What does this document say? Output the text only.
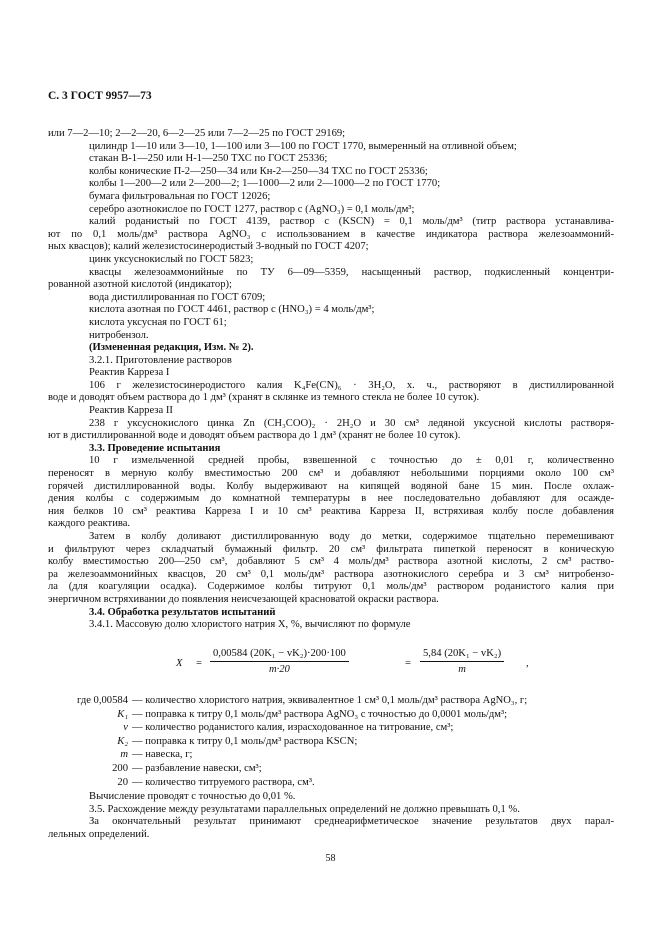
С. 3 ГОСТ 9957—73
или 7—2—10; 2—2—20, 6—2—25 или 7—2—25 по ГОСТ 29169;
цилиндр 1—10 или 3—10, 1—100 или 3—100 по ГОСТ 1770, вымеренный на отливной объем;
стакан В-1—250 или Н-1—250 ТХС по ГОСТ 25336;
колбы конические П-2—250—34 или Кн-2—250—34 ТХС по ГОСТ 25336;
колбы 1—200—2 или 2—200—2; 1—1000—2 или 2—1000—2 по ГОСТ 1770;
бумага фильтровальная по ГОСТ 12026;
серебро азотнокислое по ГОСТ 1277, раствор c (AgNO₃) = 0,1 моль/дм³;
калий роданистый по ГОСТ 4139, раствор c (KSCN) = 0,1 моль/дм³ (титр раствора устанавлива-
ют по 0,1 моль/дм³ раствора AgNO₃ с использованием в качестве индикатора раствора железоаммоний-
ных квасцов); калий железистосинеродистый 3-водный по ГОСТ 4207;
цинк уксуснокислый по ГОСТ 5823;
квасцы железоаммонийные по ТУ 6—09—5359, насыщенный раствор, подкисленный концентри-
рованной азотной кислотой (индикатор);
вода дистиллированная по ГОСТ 6709;
кислота азотная по ГОСТ 4461, раствор c (HNO₃) = 4 моль/дм³;
кислота уксусная по ГОСТ 61;
нитробензол.
(Измененная редакция, Изм. № 2).
3.2.1. Приготовление растворов
Реактив Карреза I
106 г железистосинеродистого калия K₄Fe(CN)₆ · 3H₂O, х. ч., растворяют в дистиллированной
воде и доводят объем раствора до 1 дм³ (хранят в склянке из темного стекла не более 10 суток).
Реактив Карреза II
238 г уксуснокислого цинка Zn (CH₃COO)₂ · 2H₂O и 30 см³ ледяной уксусной кислоты растворя-
ют в дистиллированной воде и доводят объем раствора до 1 дм³ (хранят не более 10 суток).
3.3. Проведение испытания
10 г измельченной средней пробы, взвешенной с точностью до ± 0,01 г, количественно
переносят в мерную колбу вместимостью 200 см³ и добавляют небольшими порциями около 100 см³
горячей дистиллированной воды. Колбу выдерживают на кипящей водяной бане 15 мин. После охлаж-
дения колбы с содержимым до комнатной температуры в нее последовательно добавляют для осажде-
ния белков 10 см³ реактива Карреза I и 10 см³ реактива Карреза II, встряхивая колбу после добавления
каждого реактива.
Затем в колбу доливают дистиллированную воду до метки, содержимое тщательно перемешивают
и фильтруют через складчатый бумажный фильтр. 20 см³ фильтрата пипеткой переносят в коническую
колбу вместимостью 200—250 см³, добавляют 5 см³ 4 моль/дм³ раствора азотной кислоты, 2 см³ раство-
ра железоаммонийных квасцов, 20 см³ 0,1 моль/дм³ раствора азотнокислого серебра и 3 см³ нитробензо-
ла (для коагуляции осадка). Содержимое колбы титруют 0,1 моль/дм³ раствором роданистого калия при
энергичном встряхивании до появления неисчезающей красноватой окраски раствора.
3.4. Обработка результатов испытаний
3.4.1. Массовую долю хлористого натрия X, %, вычисляют по формуле
$X = \frac{\text{0,00584 (20K₁ − vK₂)·200·100}}{m\cdot 20}$	= $\frac{\text{5,84 (20K₁ − vK₂)}}{m}$ ,
где 0,00584 — количество хлористого натрия, эквивалентное 1 см³ 0,1 моль/дм³ раствора AgNO₃, г;
K₁ — поправка к титру 0,1 моль/дм³ раствора AgNO₃ с точностью до 0,0001 моль/дм³;
v — количество роданистого калия, израсходованное на титрование, см³;
K₂ — поправка к титру 0,1 моль/дм³ раствора KSCN;
m — навеска, г;
200 — разбавление навески, см³;
20 — количество титруемого раствора, см³.
Вычисление проводят с точностью до 0,01 %.
3.5. Расхождение между результатами параллельных определений не должно превышать 0,1 %.
За окончательный результат принимают среднеарифметическое значение результатов двух парал-
лельных определений.
58
